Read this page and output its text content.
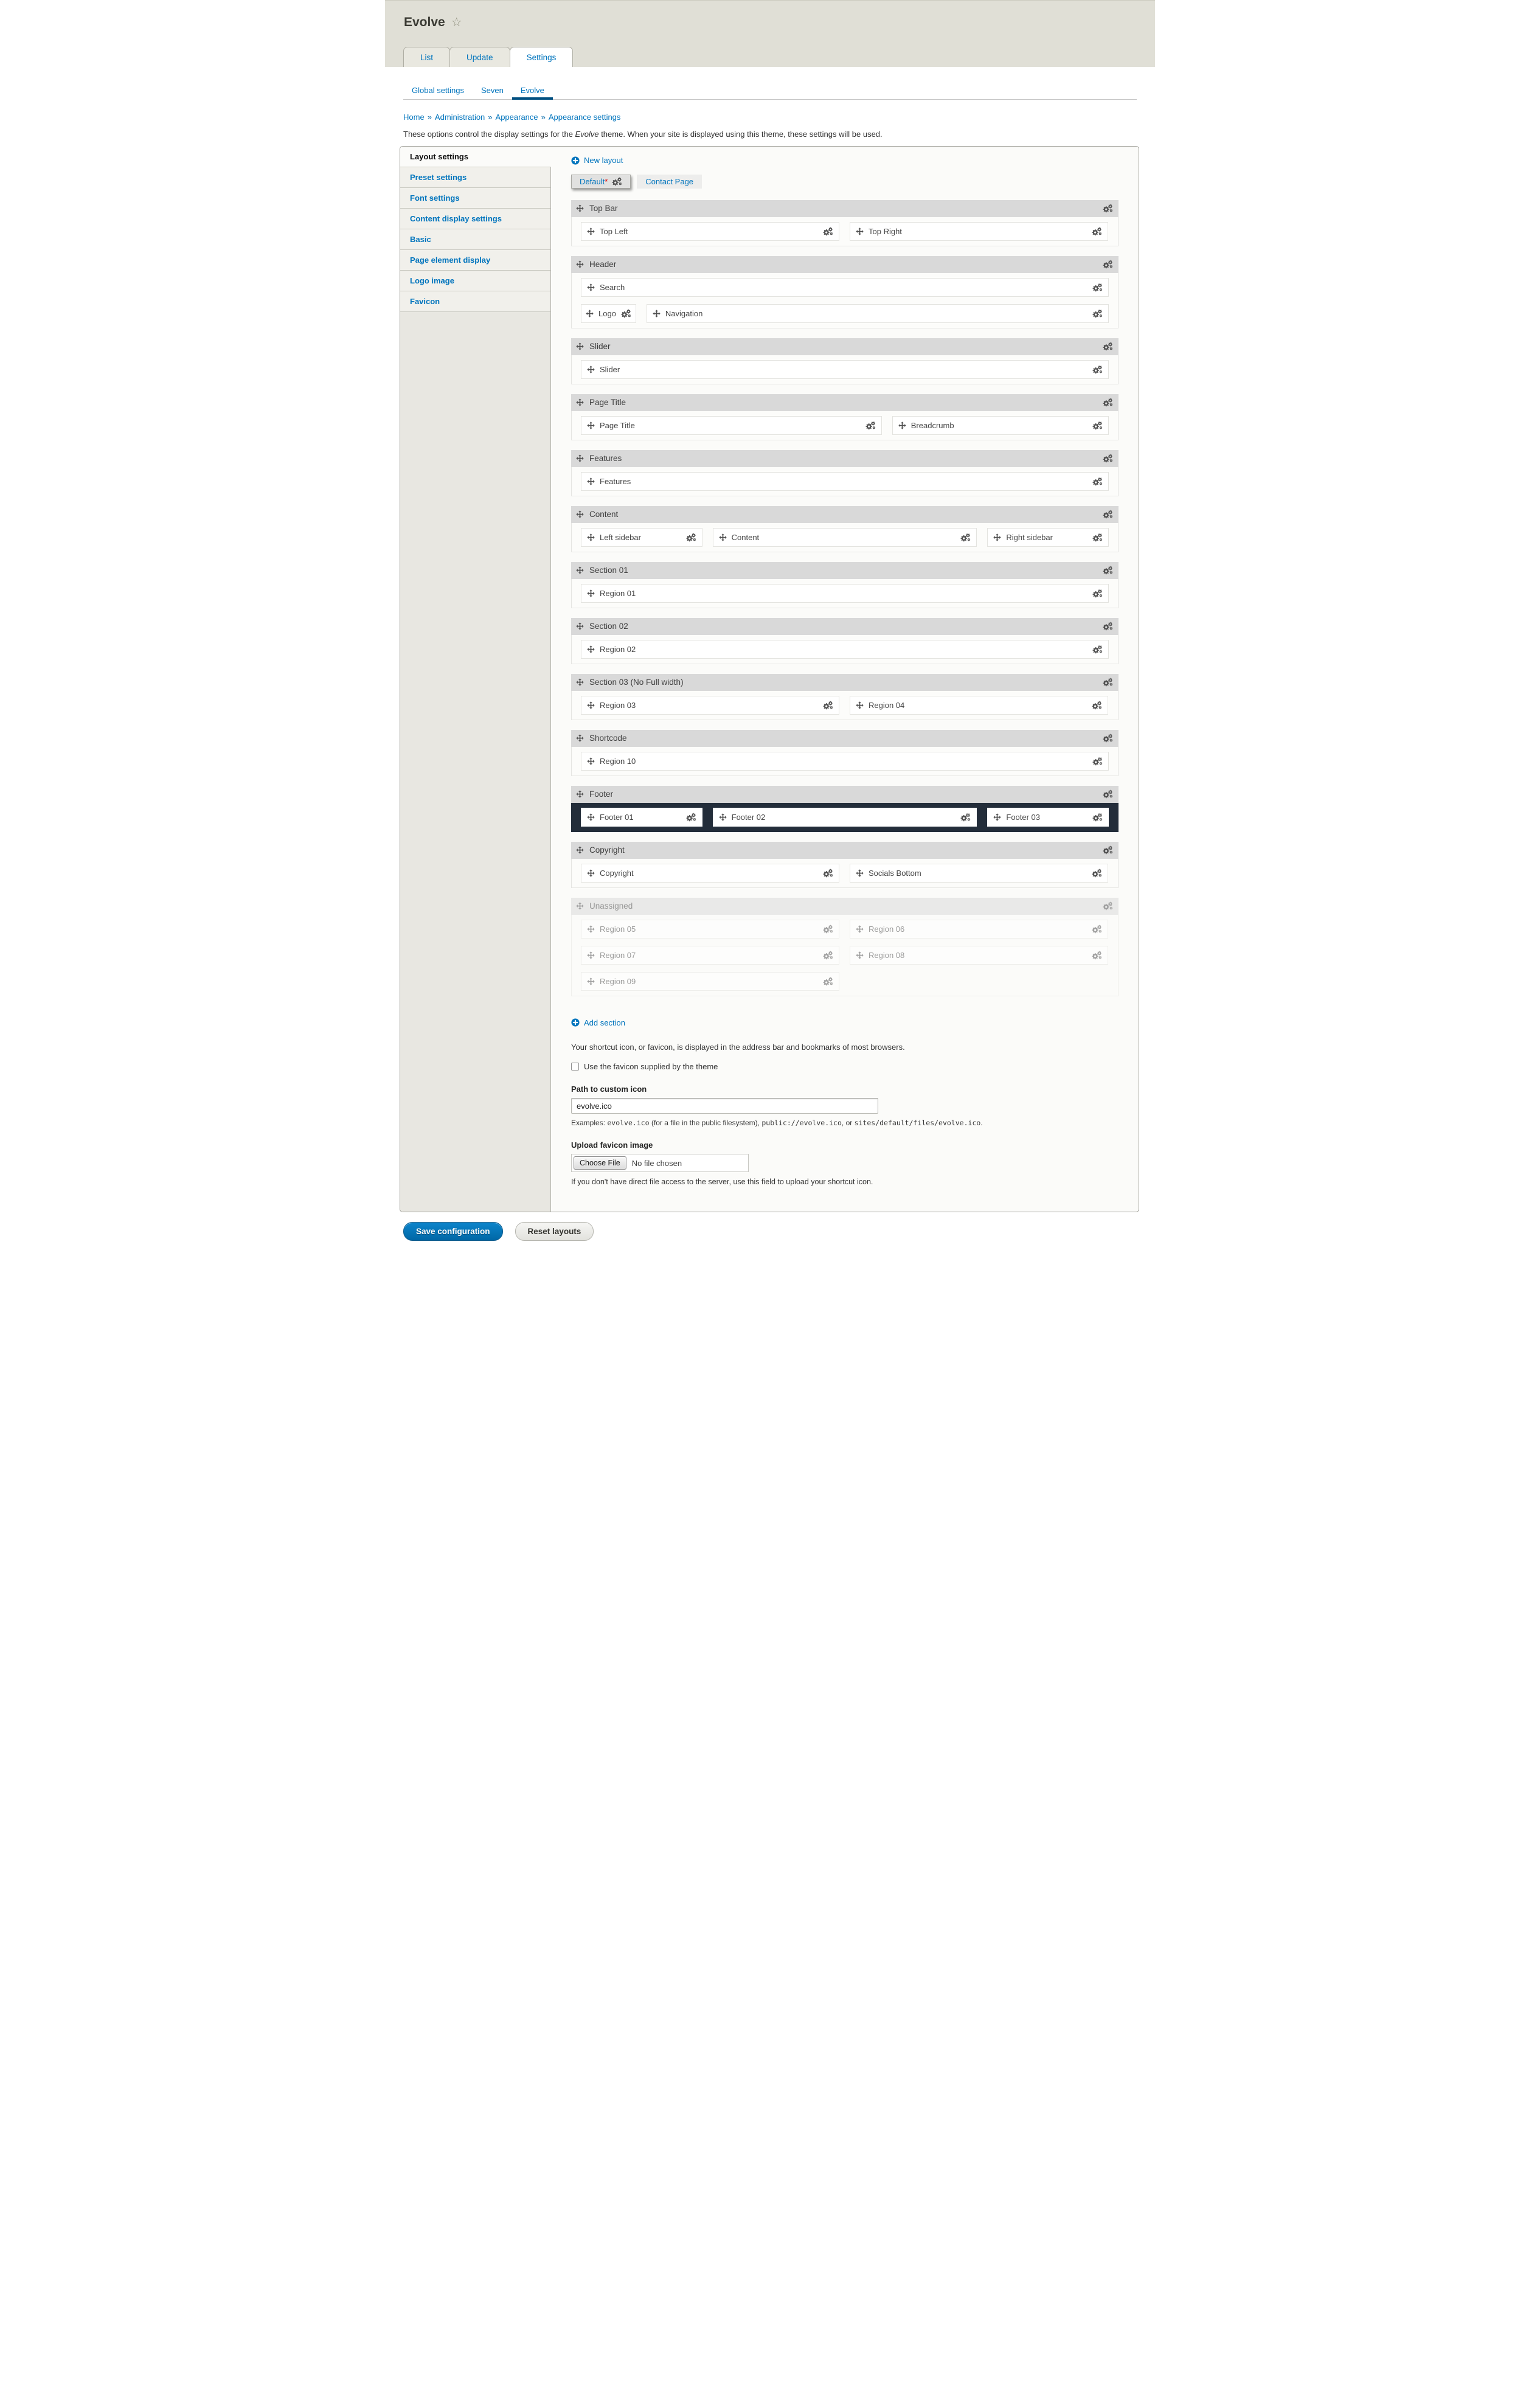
Evolve ☆
List	Update	Settings
Global settings	Seven	Evolve
Home » Administration » Appearance » Appearance settings

These options control the display settings for the Evolve theme. When your site is displayed using this theme, these settings will be used.

Layout settings
Preset settings
Font settings
Content display settings
Basic
Page element display
Logo image
Favicon
New layout
Default*	Contact Page
Top Bar
Top Left	Top Right
Header
Search
Logo	Navigation
Slider
Slider
Page Title
Page Title	Breadcrumb
Features
Features
Content
Left sidebar	Content	Right sidebar
Section 01
Region 01
Section 02
Region 02
Section 03 (No Full width)
Region 03	Region 04
Shortcode
Region 10
Footer
Footer 01	Footer 02	Footer 03
Copyright
Copyright	Socials Bottom
Unassigned
Region 05	Region 06
Region 07	Region 08
Region 09
Add section

Your shortcut icon, or favicon, is displayed in the address bar and bookmarks of most browsers.

Use the favicon supplied by the theme
Path to custom icon
evolve.ico

Examples: evolve.ico (for a file in the public filesystem), public://evolve.ico, or sites/default/files/evolve.ico.

Upload favicon image
Choose File	No file chosen

If you don't have direct file access to the server, use this field to upload your shortcut icon.

Save configuration	Reset layouts
